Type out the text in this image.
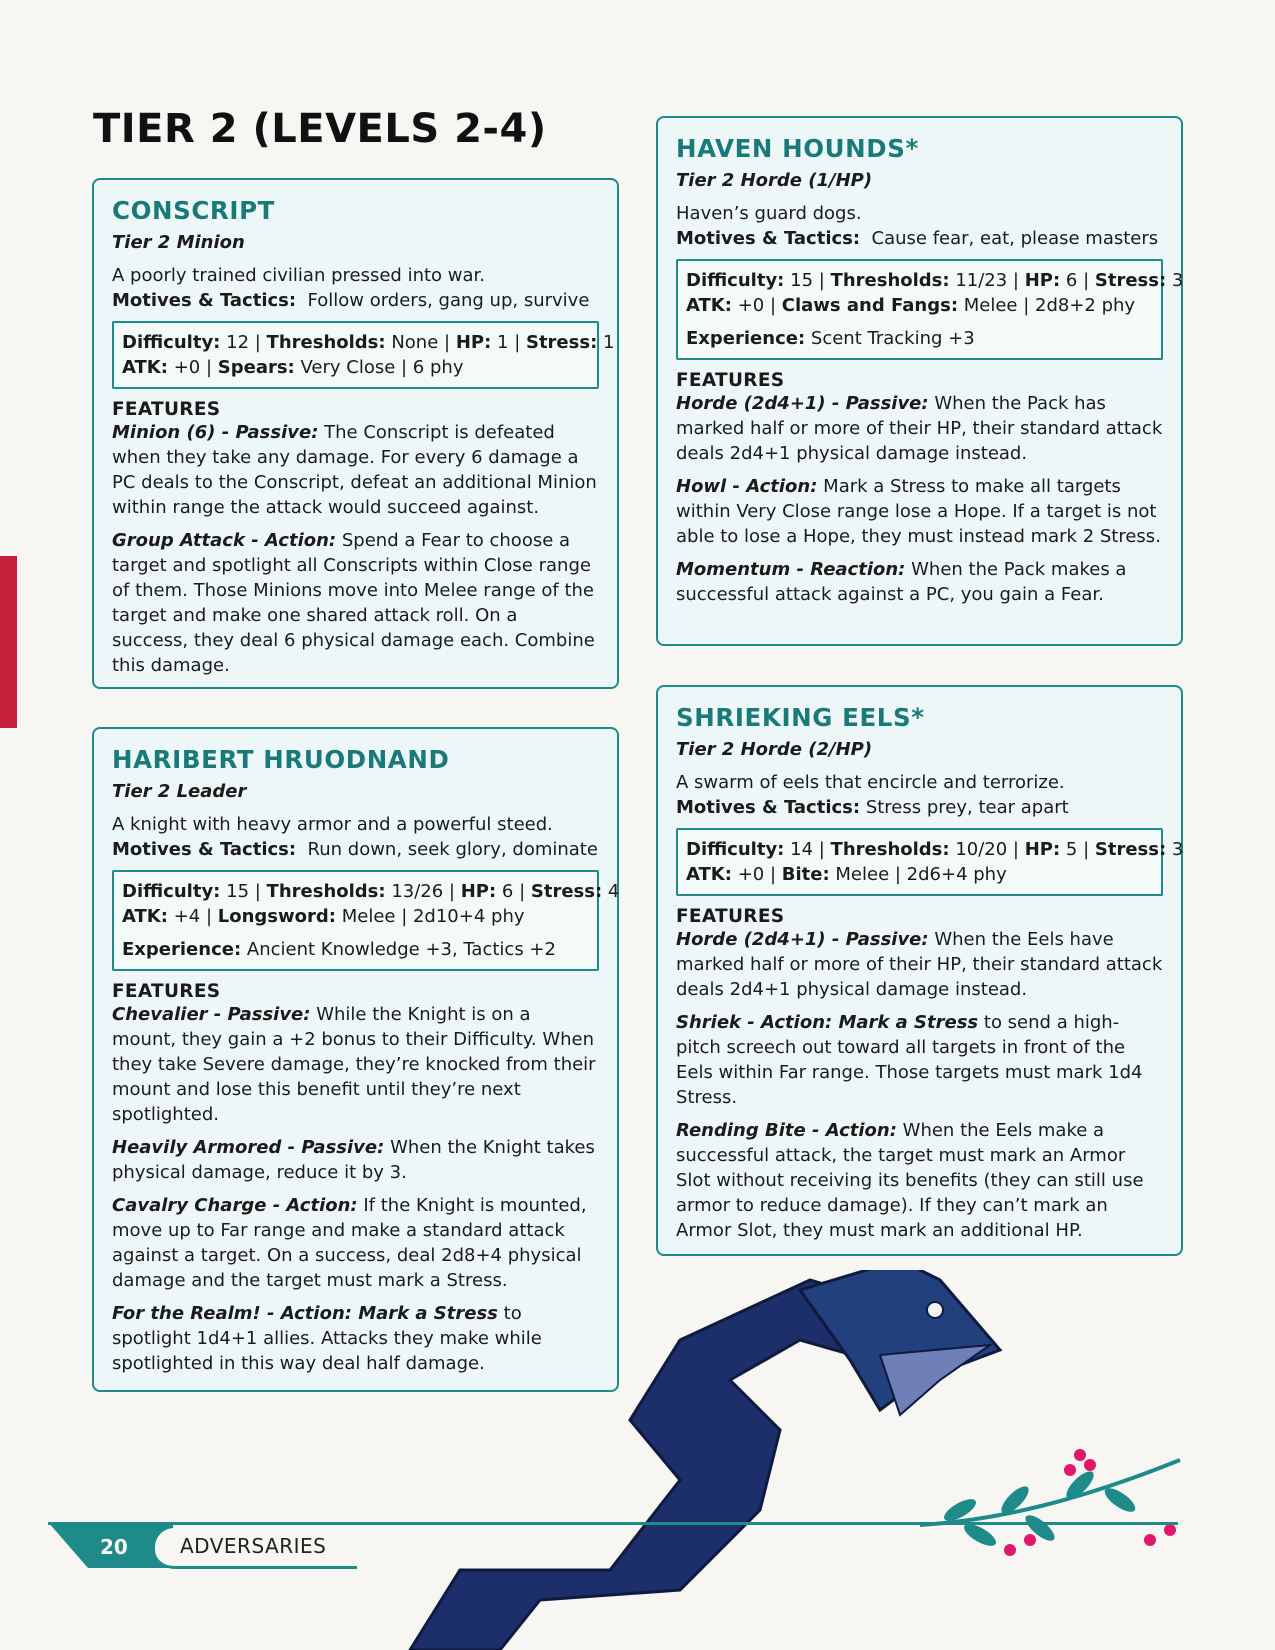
TIER 2 (LEVELS 2-4)
CONSCRIPT
Tier 2 Minion
A poorly trained civilian pressed into war.
Motives & Tactics: Follow orders, gang up, survive
Difficulty: 12 | Thresholds: None | HP: 1 | Stress: 1
ATK: +0 | Spears: Very Close | 6 phy
FEATURES
Minion (6) - Passive: The Conscript is defeated when they take any damage. For every 6 damage a PC deals to the Conscript, defeat an additional Minion within range the attack would succeed against.
Group Attack - Action: Spend a Fear to choose a target and spotlight all Conscripts within Close range of them. Those Minions move into Melee range of the target and make one shared attack roll. On a success, they deal 6 physical damage each. Combine this damage.
HARIBERT HRUODNAND
Tier 2 Leader
A knight with heavy armor and a powerful steed.
Motives & Tactics: Run down, seek glory, dominate
Difficulty: 15 | Thresholds: 13/26 | HP: 6 | Stress: 4
ATK: +4 | Longsword: Melee | 2d10+4 phy
Experience: Ancient Knowledge +3, Tactics +2
FEATURES
Chevalier - Passive: While the Knight is on a mount, they gain a +2 bonus to their Difficulty. When they take Severe damage, they’re knocked from their mount and lose this benefit until they’re next spotlighted.
Heavily Armored - Passive: When the Knight takes physical damage, reduce it by 3.
Cavalry Charge - Action: If the Knight is mounted, move up to Far range and make a standard attack against a target. On a success, deal 2d8+4 physical damage and the target must mark a Stress.
For the Realm! - Action: Mark a Stress to spotlight 1d4+1 allies. Attacks they make while spotlighted in this way deal half damage.
HAVEN HOUNDS*
Tier 2 Horde (1/HP)
Haven’s guard dogs.
Motives & Tactics: Cause fear, eat, please masters
Difficulty: 15 | Thresholds: 11/23 | HP: 6 | Stress: 3
ATK: +0 | Claws and Fangs: Melee | 2d8+2 phy
Experience: Scent Tracking +3
FEATURES
Horde (2d4+1) - Passive: When the Pack has marked half or more of their HP, their standard attack deals 2d4+1 physical damage instead.
Howl - Action: Mark a Stress to make all targets within Very Close range lose a Hope. If a target is not able to lose a Hope, they must instead mark 2 Stress.
Momentum - Reaction: When the Pack makes a successful attack against a PC, you gain a Fear.
SHRIEKING EELS*
Tier 2 Horde (2/HP)
A swarm of eels that encircle and terrorize.
Motives & Tactics: Stress prey, tear apart
Difficulty: 14 | Thresholds: 10/20 | HP: 5 | Stress: 3
ATK: +0 | Bite: Melee | 2d6+4 phy
FEATURES
Horde (2d4+1) - Passive: When the Eels have marked half or more of their HP, their standard attack deals 2d4+1 physical damage instead.
Shriek - Action: Mark a Stress to send a high-pitch screech out toward all targets in front of the Eels within Far range. Those targets must mark 1d4 Stress.
Rending Bite - Action: When the Eels make a successful attack, the target must mark an Armor Slot without receiving its benefits (they can still use armor to reduce damage). If they can’t mark an Armor Slot, they must mark an additional HP.
20	ADVERSARIES
